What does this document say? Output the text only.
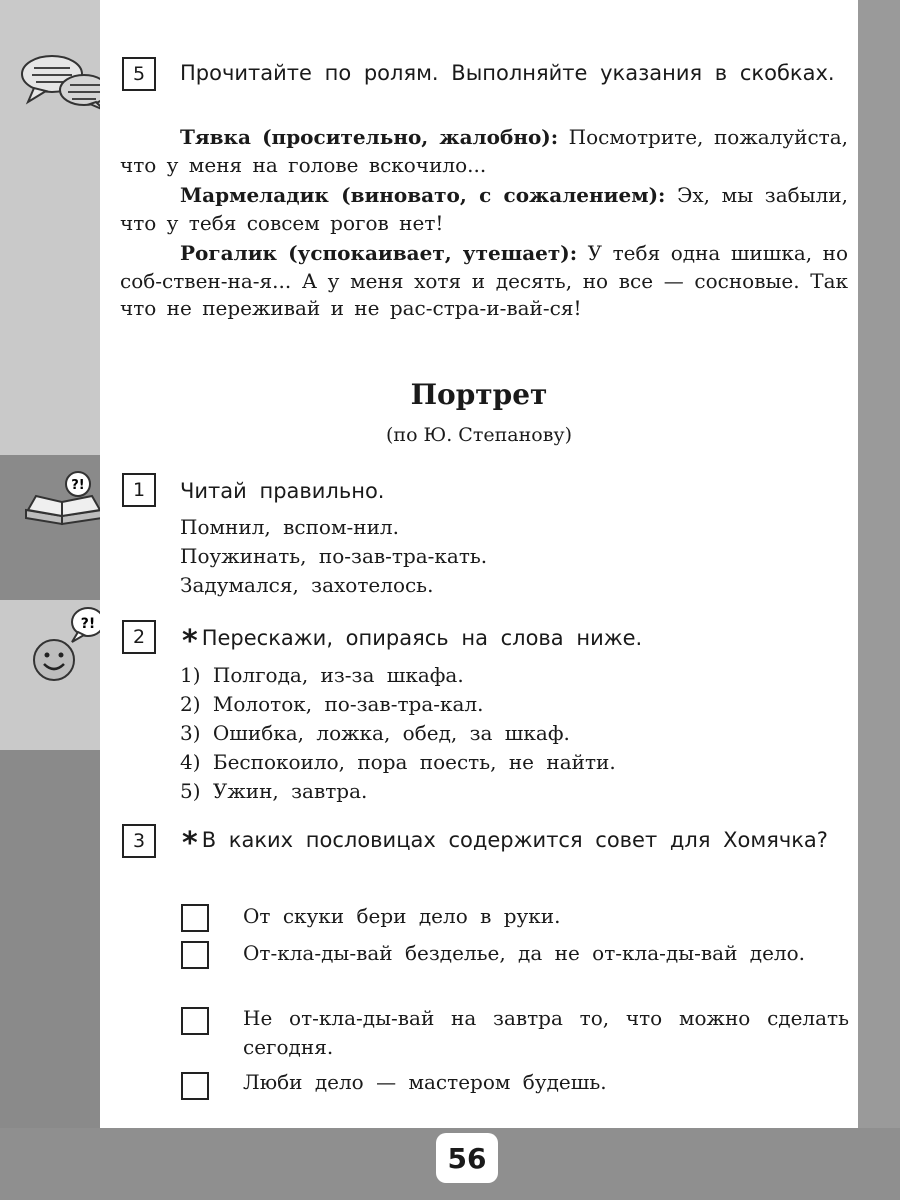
?!
?!
5	Прочитайте по ролям. Выполняйте указания в скобках.

Тявка (просительно, жалобно): Посмотрите, пожалуйста, что у меня на голове вскочило...

Мармеладик (виновато, с сожалением): Эх, мы забыли, что у тебя совсем рогов нет!

Рогалик (успокаивает, утешает): У тебя одна шишка, но соб-ствен-на-я... А у меня хотя и десять, но все — сосновые. Так что не переживай и не рас-стра-и-вай-ся!

Портрет
(по Ю. Степанову)
1	Читай правильно.
Помнил, вспом-нил.
Поужинать, по-зав-тра-кать.
Задумался, захотелось.
2	* Перескажи, опираясь на слова ниже.
1) Полгода, из-за шкафа.
2) Молоток, по-зав-тра-кал.
3) Ошибка, ложка, обед, за шкаф.
4) Беспокоило, пора поесть, не найти.
5) Ужин, завтра.
3	* В каких пословицах содержится совет для Хомячка?
От скуки бери дело в руки.
От-кла-ды-вай безделье, да не от-кла-ды-вай дело.
Не от-кла-ды-вай на завтра то, что можно сделать сегодня.
Люби дело — мастером будешь.
56
